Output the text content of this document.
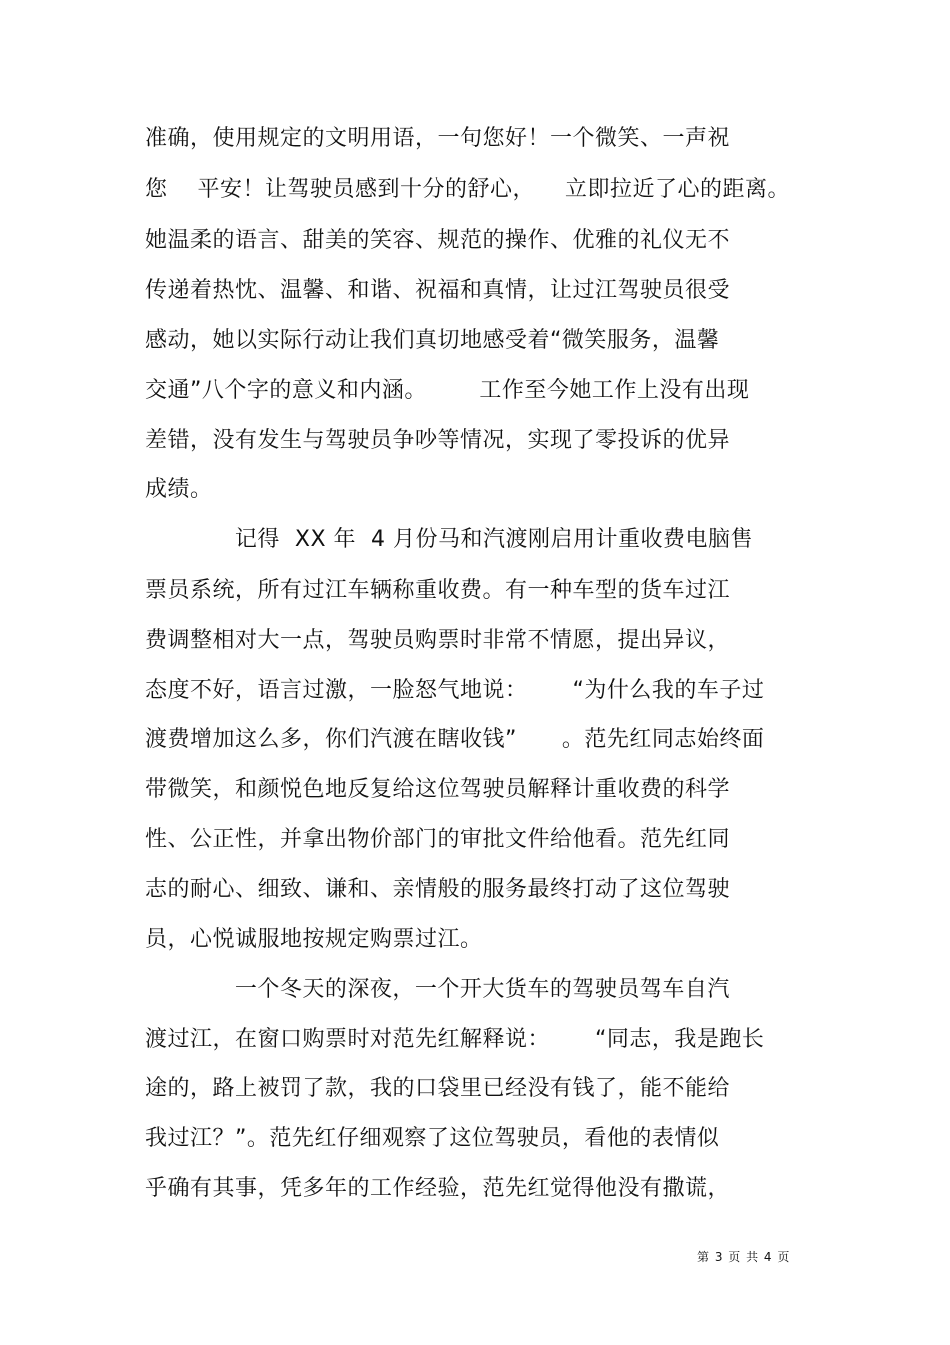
准确，使用规定的文明用语，一句您好！一个微笑、一声祝
您    平安！让驾驶员感到十分的舒心，    立即拉近了心的距离。
她温柔的语言、甜美的笑容、规范的操作、优雅的礼仪无不
传递着热忱、温馨、和谐、祝福和真情，让过江驾驶员很受
感动，她以实际行动让我们真切地感受着“微笑服务，温馨
交通”八个字的意义和内涵。       工作至今她工作上没有出现
差错，没有发生与驾驶员争吵等情况，实现了零投诉的优异
成绩。
记得  XX 年  4 月份马和汽渡刚启用计重收费电脑售
票员系统，所有过江车辆称重收费。有一种车型的货车过江
费调整相对大一点，驾驶员购票时非常不情愿，提出异议，
态度不好，语言过激，一脸怒气地说：      “为什么我的车子过
渡费增加这么多，你们汽渡在瞎收钱”      。范先红同志始终面
带微笑，和颜悦色地反复给这位驾驶员解释计重收费的科学
性、公正性，并拿出物价部门的审批文件给他看。范先红同
志的耐心、细致、谦和、亲情般的服务最终打动了这位驾驶
员，心悦诚服地按规定购票过江。
一个冬天的深夜，一个开大货车的驾驶员驾车自汽
渡过江，在窗口购票时对范先红解释说：      “同志，我是跑长
途的，路上被罚了款，我的口袋里已经没有钱了，能不能给
我过江？”。范先红仔细观察了这位驾驶员，看他的表情似
乎确有其事，凭多年的工作经验，范先红觉得他没有撒谎，
第 3 页 共 4 页
